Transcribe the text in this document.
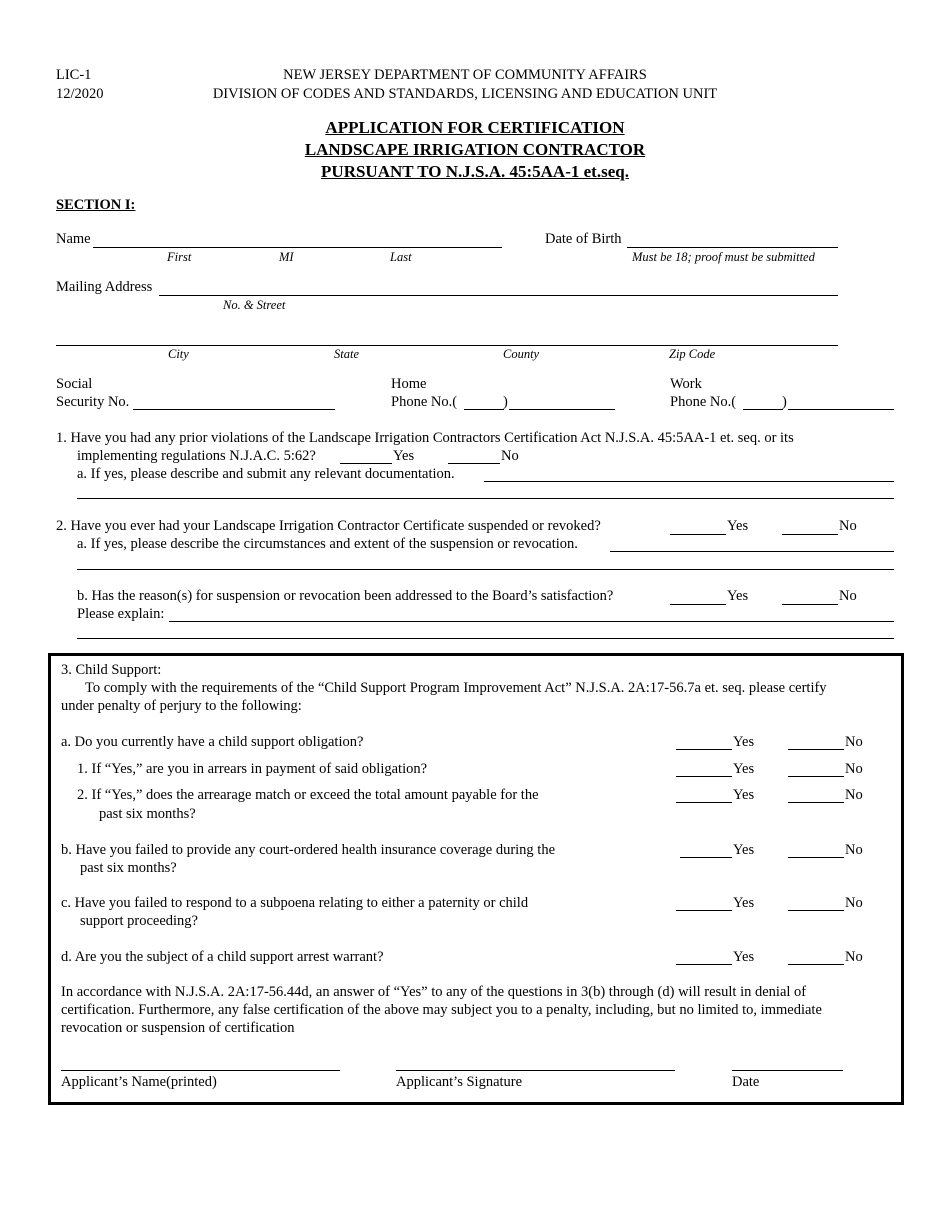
LIC-1
12/2020
NEW JERSEY DEPARTMENT OF COMMUNITY AFFAIRS
DIVISION OF CODES AND STANDARDS, LICENSING AND EDUCATION UNIT
APPLICATION FOR CERTIFICATION
LANDSCAPE IRRIGATION CONTRACTOR
PURSUANT TO N.J.S.A. 45:5AA-1 et.seq.
SECTION I:
Name
First	MI	Last
Date of Birth
Must be 18; proof must be submitted
Mailing Address
No. & Street
City	State	County	Zip Code
Social
Security No.
Home
Phone No.(	)
Work
Phone No.(	)
1. Have you had any prior violations of the Landscape Irrigation Contractors Certification Act N.J.S.A. 45:5AA-1 et. seq. or its
implementing regulations N.J.A.C. 5:62?	Yes	No
a. If yes, please describe and submit any relevant documentation.
2. Have you ever had your Landscape Irrigation Contractor Certificate suspended or revoked?	Yes	No
a. If yes, please describe the circumstances and extent of the suspension or revocation.
b. Has the reason(s) for suspension or revocation been addressed to the Board’s satisfaction?	Yes	No
Please explain:
3. Child Support:
To comply with the requirements of the “Child Support Program Improvement Act” N.J.S.A. 2A:17-56.7a et. seq. please certify
under penalty of perjury to the following:
a. Do you currently have a child support obligation?	Yes	No
1. If “Yes,” are you in arrears in payment of said obligation?	Yes	No
2. If “Yes,” does the arrearage match or exceed the total amount payable for the
past six months?
Yes	No
b. Have you failed to provide any court-ordered health insurance coverage during the
past six months?
Yes	No
c. Have you failed to respond to a subpoena relating to either a paternity or child
support proceeding?
Yes	No
d. Are you the subject of a child support arrest warrant?	Yes	No
In accordance with N.J.S.A. 2A:17-56.44d, an answer of “Yes” to any of the questions in 3(b) through (d) will result in denial of
certification. Furthermore, any false certification of the above may subject you to a penalty, including, but no limited to, immediate
revocation or suspension of certification
Applicant’s Name(printed)	Applicant’s Signature	Date
